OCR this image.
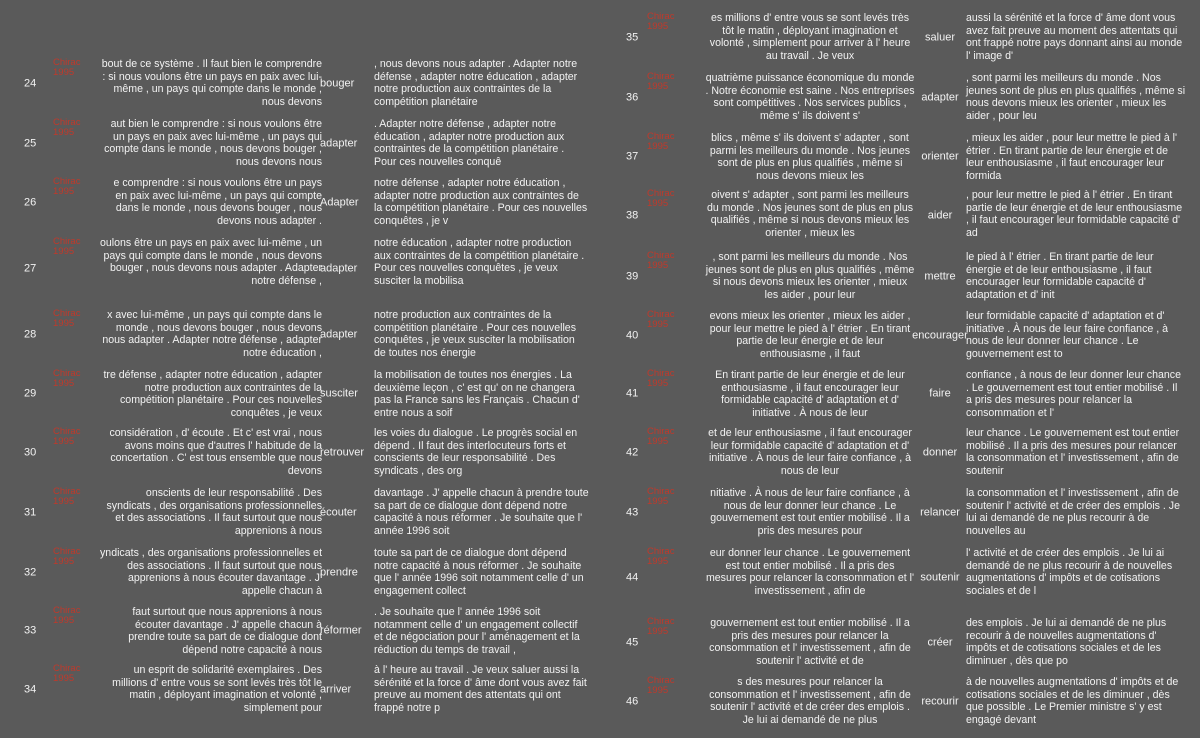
24
Chirac 1995
bout de ce système . Il faut bien le comprendre : si nous voulons être un pays en paix avec lui-même , un pays qui compte dans le monde , nous devons
bouger
, nous devons nous adapter . Adapter notre défense , adapter notre éducation , adapter notre production aux contraintes de la compétition planétaire
25
Chirac 1995
aut bien le comprendre : si nous voulons être un pays en paix avec lui-même , un pays qui compte dans le monde , nous devons bouger , nous devons nous
adapter
. Adapter notre défense , adapter notre éducation , adapter notre production aux contraintes de la compétition planétaire . Pour ces nouvelles conquê
26
Chirac 1995
e comprendre : si nous voulons être un pays en paix avec lui-même , un pays qui compte dans le monde , nous devons bouger , nous devons nous adapter .
Adapter
notre défense , adapter notre éducation , adapter notre production aux contraintes de la compétition planétaire . Pour ces nouvelles conquêtes , je v
27
Chirac 1995
oulons être un pays en paix avec lui-même , un pays qui compte dans le monde , nous devons bouger , nous devons nous adapter . Adapter notre défense ,
adapter
notre éducation , adapter notre production aux contraintes de la compétition planétaire . Pour ces nouvelles conquêtes , je veux susciter la mobilisa
28
Chirac 1995
x avec lui-même , un pays qui compte dans le monde , nous devons bouger , nous devons nous adapter . Adapter notre défense , adapter notre éducation ,
adapter
notre production aux contraintes de la compétition planétaire . Pour ces nouvelles conquêtes , je veux susciter la mobilisation de toutes nos énergie
29
Chirac 1995
tre défense , adapter notre éducation , adapter notre production aux contraintes de la compétition planétaire . Pour ces nouvelles conquêtes , je veux
susciter
la mobilisation de toutes nos énergies . La deuxième leçon , c' est qu' on ne changera pas la France sans les Français . Chacun d' entre nous a soif
30
Chirac 1995
considération , d' écoute . Et c' est vrai , nous avons moins que d'autres l' habitude de la concertation . C' est tous ensemble que nous devons
retrouver
les voies du dialogue . Le progrès social en dépend . Il faut des interlocuteurs forts et conscients de leur responsabilité . Des syndicats , des org
31
Chirac 1995
onscients de leur responsabilité . Des syndicats , des organisations professionnelles et des associations . Il faut surtout que nous apprenions à nous
écouter
davantage . J' appelle chacun à prendre toute sa part de ce dialogue dont dépend notre capacité à nous réformer . Je souhaite que l' année 1996 soit
32
Chirac 1995
yndicats , des organisations professionnelles et des associations . Il faut surtout que nous apprenions à nous écouter davantage . J' appelle chacun à
prendre
toute sa part de ce dialogue dont dépend notre capacité à nous réformer . Je souhaite que l' année 1996 soit notamment celle d' un engagement collect
33
Chirac 1995
faut surtout que nous apprenions à nous écouter davantage . J' appelle chacun à prendre toute sa part de ce dialogue dont dépend notre capacité à nous
réformer
. Je souhaite que l' année 1996 soit notamment celle d' un engagement collectif et de négociation pour l' aménagement et la réduction du temps de travail ,
34
Chirac 1995
un esprit de solidarité exemplaires . Des millions d' entre vous se sont levés très tôt le matin , déployant imagination et volonté , simplement pour
arriver
à l' heure au travail . Je veux saluer aussi la sérénité et la force d' âme dont vous avez fait preuve au moment des attentats qui ont frappé notre p
35
Chirac 1995
es millions d' entre vous se sont levés très tôt le matin , déployant imagination et volonté , simplement pour arriver à l' heure au travail . Je veux
saluer
aussi la sérénité et la force d' âme dont vous avez fait preuve au moment des attentats qui ont frappé notre pays donnant ainsi au monde l' image d'
36
Chirac 1995
quatrième puissance économique du monde . Notre économie est saine . Nos entreprises sont compétitives . Nos services publics , même s' ils doivent s'
adapter
, sont parmi les meilleurs du monde . Nos jeunes sont de plus en plus qualifiés , même si nous devons mieux les orienter , mieux les aider , pour leu
37
Chirac 1995
blics , même s' ils doivent s' adapter , sont parmi les meilleurs du monde . Nos jeunes sont de plus en plus qualifiés , même si nous devons mieux les
orienter
, mieux les aider , pour leur mettre le pied à l' étrier . En tirant partie de leur énergie et de leur enthousiasme , il faut encourager leur formida
38
Chirac 1995
oivent s' adapter , sont parmi les meilleurs du monde . Nos jeunes sont de plus en plus qualifiés , même si nous devons mieux les orienter , mieux les
aider
, pour leur mettre le pied à l' étrier . En tirant partie de leur énergie et de leur enthousiasme , il faut encourager leur formidable capacité d' ad
39
Chirac 1995
, sont parmi les meilleurs du monde . Nos jeunes sont de plus en plus qualifiés , même si nous devons mieux les orienter , mieux les aider , pour leur
mettre
le pied à l' étrier . En tirant partie de leur énergie et de leur enthousiasme , il faut encourager leur formidable capacité d' adaptation et d' init
40
Chirac 1995
evons mieux les orienter , mieux les aider , pour leur mettre le pied à l' étrier . En tirant partie de leur énergie et de leur enthousiasme , il faut
encourager
leur formidable capacité d' adaptation et d' initiative . À nous de leur faire confiance , à nous de leur donner leur chance . Le gouvernement est to
41
Chirac 1995
En tirant partie de leur énergie et de leur enthousiasme , il faut encourager leur formidable capacité d' adaptation et d' initiative . À nous de leur
faire
confiance , à nous de leur donner leur chance . Le gouvernement est tout entier mobilisé . Il a pris des mesures pour relancer la consommation et l'
42
Chirac 1995
et de leur enthousiasme , il faut encourager leur formidable capacité d' adaptation et d' initiative . À nous de leur faire confiance , à nous de leur
donner
leur chance . Le gouvernement est tout entier mobilisé . Il a pris des mesures pour relancer la consommation et l' investissement , afin de soutenir
43
Chirac 1995
nitiative . À nous de leur faire confiance , à nous de leur donner leur chance . Le gouvernement est tout entier mobilisé . Il a pris des mesures pour
relancer
la consommation et l' investissement , afin de soutenir l' activité et de créer des emplois . Je lui ai demandé de ne plus recourir à de nouvelles au
44
Chirac 1995
eur donner leur chance . Le gouvernement est tout entier mobilisé . Il a pris des mesures pour relancer la consommation et l' investissement , afin de
soutenir
l' activité et de créer des emplois . Je lui ai demandé de ne plus recourir à de nouvelles augmentations d' impôts et de cotisations sociales et de l
45
Chirac 1995
gouvernement est tout entier mobilisé . Il a pris des mesures pour relancer la consommation et l' investissement , afin de soutenir l' activité et de
créer
des emplois . Je lui ai demandé de ne plus recourir à de nouvelles augmentations d' impôts et de cotisations sociales et de les diminuer , dès que po
46
Chirac 1995
s des mesures pour relancer la consommation et l' investissement , afin de soutenir l' activité et de créer des emplois . Je lui ai demandé de ne plus
recourir
à de nouvelles augmentations d' impôts et de cotisations sociales et de les diminuer , dès que possible . Le Premier ministre s' y est engagé devant
